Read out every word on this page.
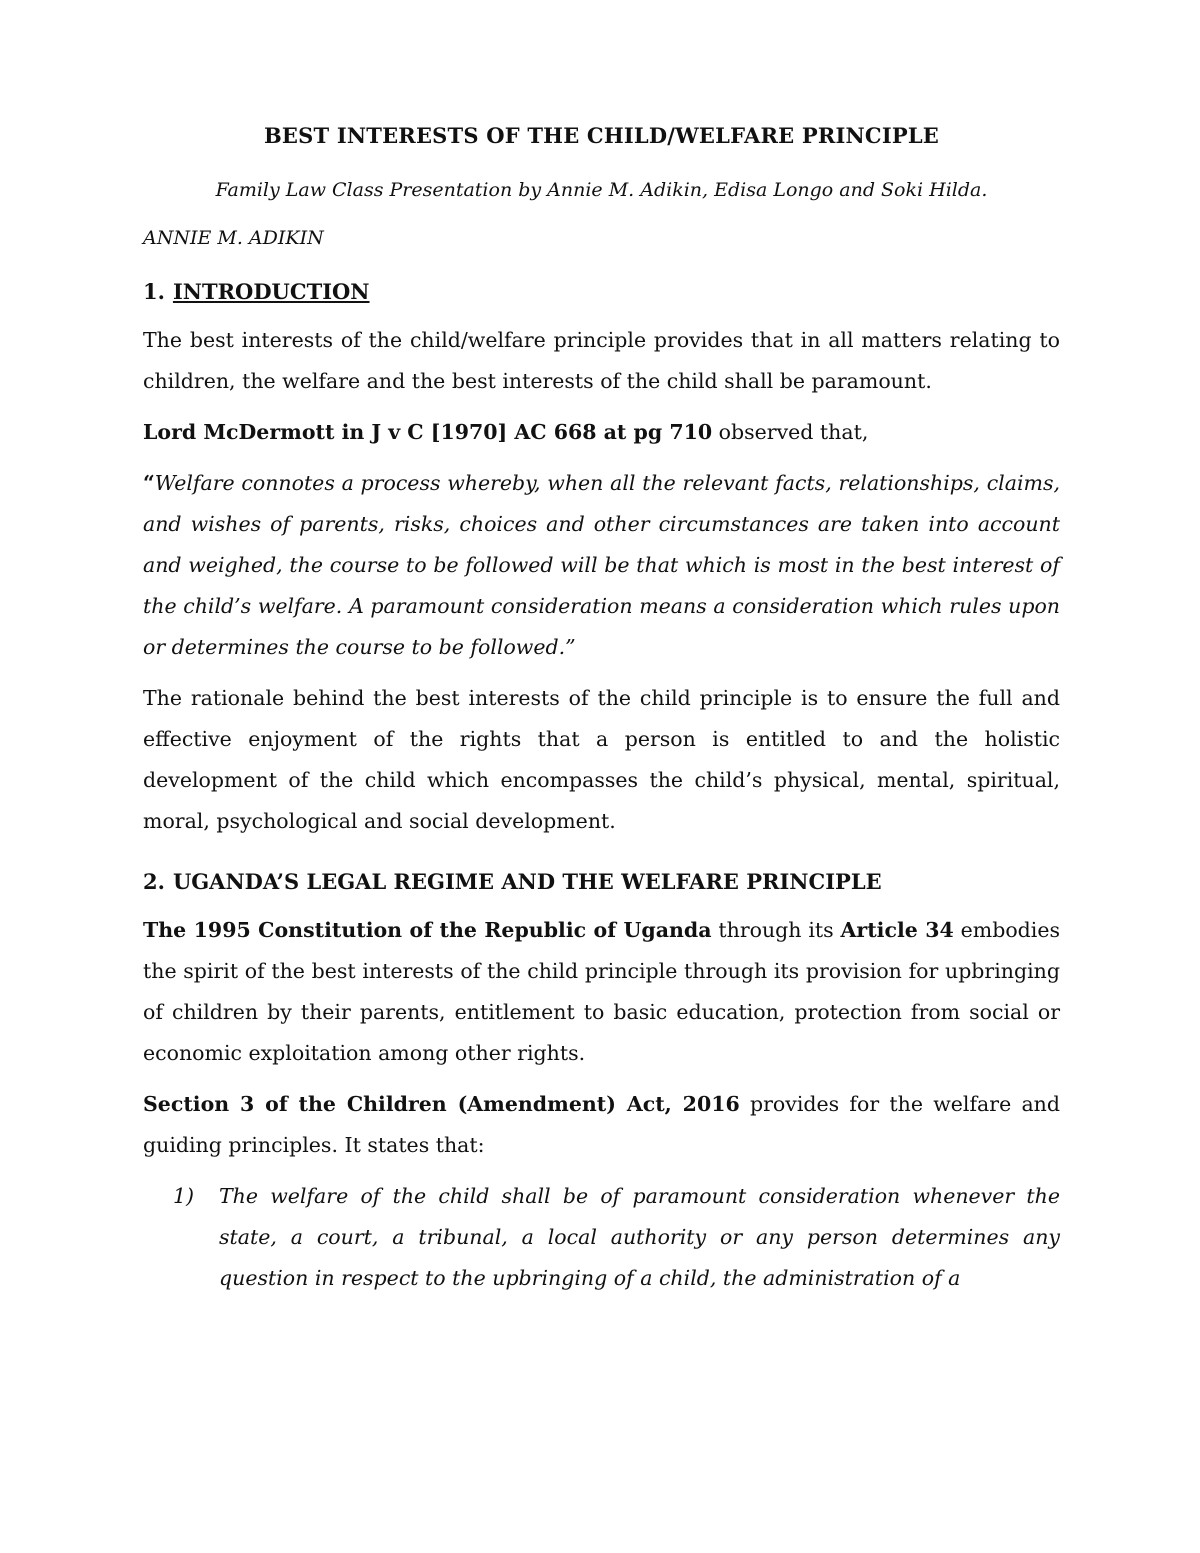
BEST INTERESTS OF THE CHILD/WELFARE PRINCIPLE

Family Law Class Presentation by Annie M. Adikin, Edisa Longo and Soki Hilda.

ANNIE M. ADIKIN

1. INTRODUCTION

The best interests of the child/welfare principle provides that in all matters relating to children, the welfare and the best interests of the child shall be paramount.

Lord McDermott in J v C [1970] AC 668 at pg 710 observed that,

“Welfare connotes a process whereby, when all the relevant facts, relationships, claims, and wishes of parents, risks, choices and other circumstances are taken into account and weighed, the course to be followed will be that which is most in the best interest of the child’s welfare. A paramount consideration means a consideration which rules upon or determines the course to be followed.”

The rationale behind the best interests of the child principle is to ensure the full and effective enjoyment of the rights that a person is entitled to and the holistic development of the child which encompasses the child’s physical, mental, spiritual, moral, psychological and social development.

2. UGANDA’S LEGAL REGIME AND THE WELFARE PRINCIPLE

The 1995 Constitution of the Republic of Uganda through its Article 34 embodies the spirit of the best interests of the child principle through its provision for upbringing of children by their parents, entitlement to basic education, protection from social or economic exploitation among other rights.

Section 3 of the Children (Amendment) Act, 2016 provides for the welfare and guiding principles. It states that:

1)	The welfare of the child shall be of paramount consideration whenever the state, a court, a tribunal, a local authority or any person determines any question in respect to the upbringing of a child, the administration of a
